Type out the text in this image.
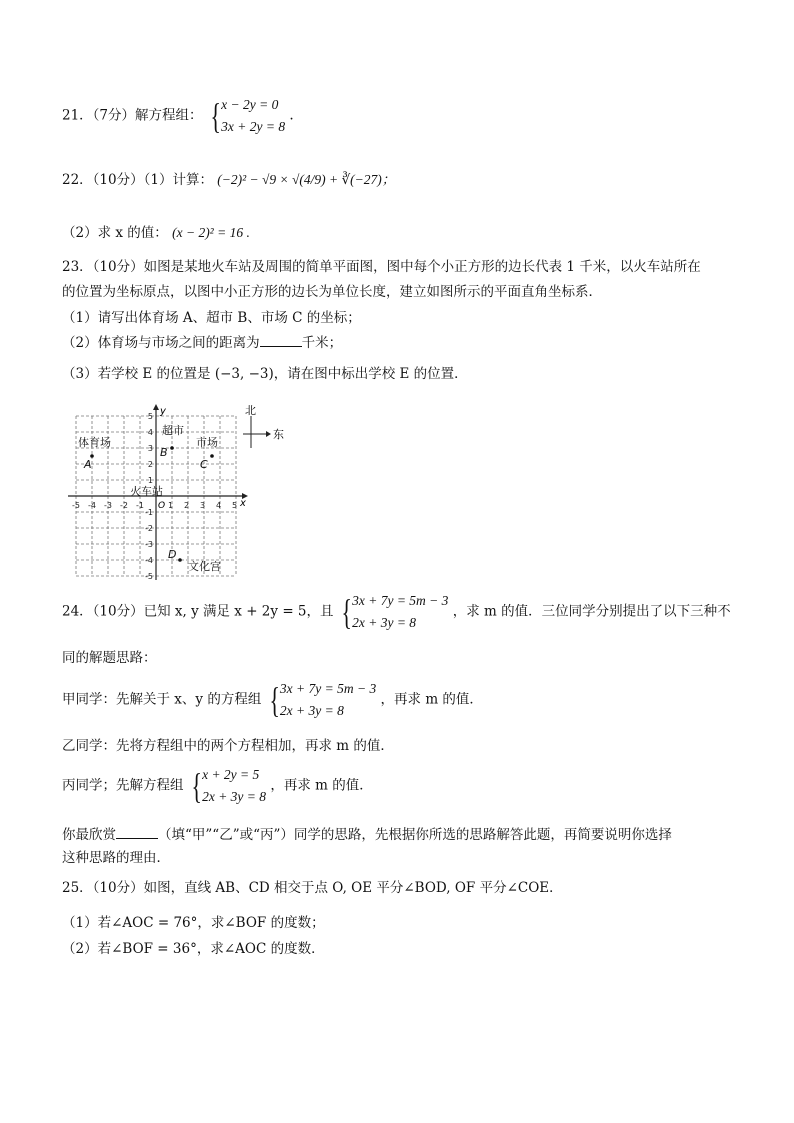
21．（7分）解方程组： { x − 2y = 0
3x + 2y = 8
.
22．（10分）（1）计算： (−2)² − √9 × √(4/9) + ∛(−27)；
（2）求 x 的值： (x − 2)² = 16 .
23．（10分）如图是某地火车站及周围的简单平面图，图中每个小正方形的边长代表 1 千米，以火车站所在
的位置为坐标原点，以图中小正方形的边长为单位长度，建立如图所示的平面直角坐标系．
（1）请写出体育场 A、超市 B、市场 C 的坐标；
（2）体育场与市场之间的距离为	千米；
（3）若学校 E 的位置是 (−3, −3)，请在图中标出学校 E 的位置．
y
x
O
-5 -4 -3 -2 -1	1 2 3 4 5
5
4
3
2
1
-1
-2
-3
-4
-5
体育场
超市
市场
火车站
文化宫
A
B
C
D
北
东
24．（10分）已知 x, y 满足 x + 2y = 5，且 { 3x + 7y = 5m − 3
2x + 3y = 8
，求 m 的值．三位同学分别提出了以下三种不
同的解题思路：
甲同学：先解关于 x、y 的方程组 { 3x + 7y = 5m − 3
2x + 3y = 8
，再求 m 的值．
乙同学：先将方程组中的两个方程相加，再求 m 的值．
丙同学；先解方程组 { x + 2y = 5
2x + 3y = 8
，再求 m 的值．
你最欣赏	（填“甲”“乙”或“丙”）同学的思路，先根据你所选的思路解答此题，再简要说明你选择
这种思路的理由．
25．（10分）如图，直线 AB、CD 相交于点 O, OE 平分∠BOD, OF 平分∠COE．
（1）若∠AOC = 76°，求∠BOF 的度数；
（2）若∠BOF = 36°，求∠AOC 的度数．
